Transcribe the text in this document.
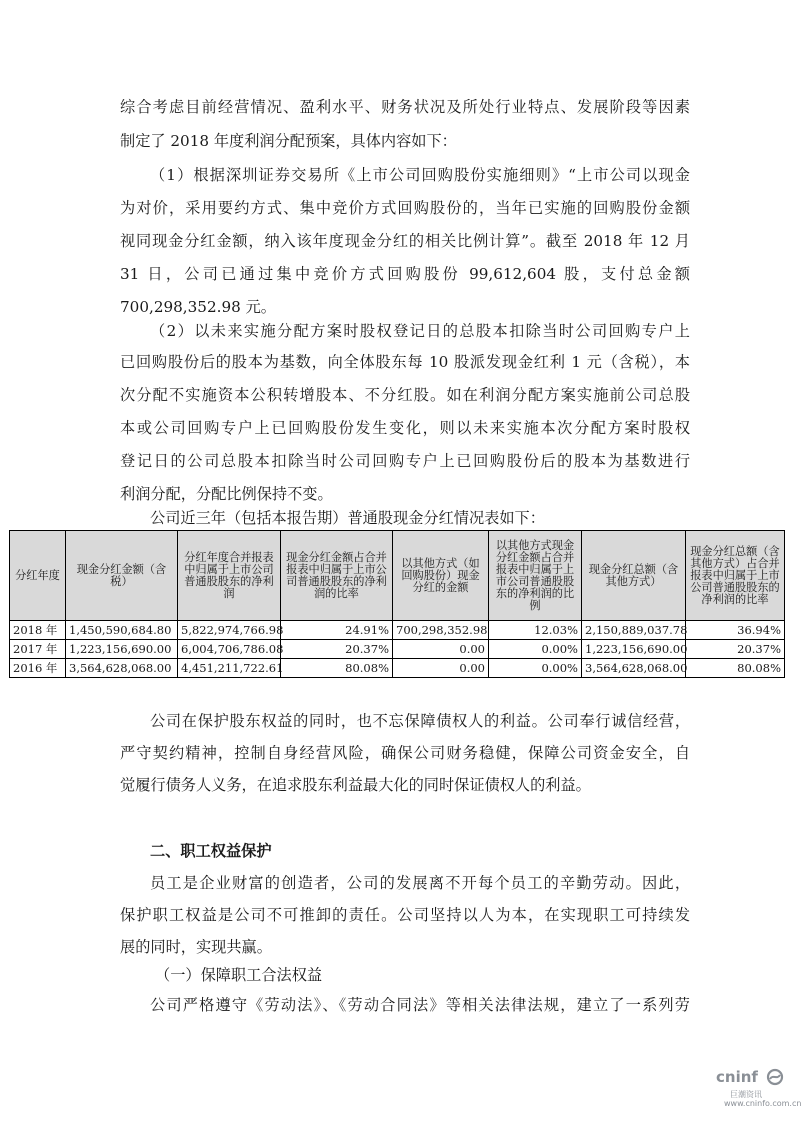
综合考虑目前经营情况、盈利水平、财务状况及所处行业特点、发展阶段等因素
制定了 2018 年度利润分配预案，具体内容如下：
（1）根据深圳证券交易所《上市公司回购股份实施细则》“上市公司以现金
为对价，采用要约方式、集中竞价方式回购股份的，当年已实施的回购股份金额
视同现金分红金额，纳入该年度现金分红的相关比例计算”。截至 2018 年 12 月
31 日，公司已通过集中竞价方式回购股份 99,612,604 股，支付总金额
700,298,352.98 元。
（2）以未来实施分配方案时股权登记日的总股本扣除当时公司回购专户上
已回购股份后的股本为基数，向全体股东每 10 股派发现金红利 1 元（含税），本
次分配不实施资本公积转增股本、不分红股。如在利润分配方案实施前公司总股
本或公司回购专户上已回购股份发生变化，则以未来实施本次分配方案时股权
登记日的公司总股本扣除当时公司回购专户上已回购股份后的股本为基数进行
利润分配，分配比例保持不变。
公司近三年（包括本报告期）普通股现金分红情况表如下：
分红年度	现金分红金额（含税）	分红年度合并报表中归属于上市公司普通股股东的净利润	现金分红金额占合并报表中归属于上市公司普通股股东的净利润的比率	以其他方式（如回购股份）现金分红的金额	以其他方式现金分红金额占合并报表中归属于上市公司普通股股东的净利润的比例	现金分红总额（含其他方式）	现金分红总额（含其他方式）占合并报表中归属于上市公司普通股股东的净利润的比率
2018 年	1,450,590,684.80	5,822,974,766.98	24.91%	700,298,352.98	12.03%	2,150,889,037.78	36.94%
2017 年	1,223,156,690.00	6,004,706,786.08	20.37%	0.00	0.00%	1,223,156,690.00	20.37%
2016 年	3,564,628,068.00	4,451,211,722.61	80.08%	0.00	0.00%	3,564,628,068.00	80.08%
公司在保护股东权益的同时，也不忘保障债权人的利益。公司奉行诚信经营，
严守契约精神，控制自身经营风险，确保公司财务稳健，保障公司资金安全，自
觉履行债务人义务，在追求股东利益最大化的同时保证债权人的利益。
二、职工权益保护
员工是企业财富的创造者，公司的发展离不开每个员工的辛勤劳动。因此，
保护职工权益是公司不可推卸的责任。公司坚持以人为本，在实现职工可持续发
展的同时，实现共赢。
（一）保障职工合法权益
公司严格遵守《劳动法》、《劳动合同法》等相关法律法规，建立了一系列劳
cninf
巨潮资讯
www.cninfo.com.cn
